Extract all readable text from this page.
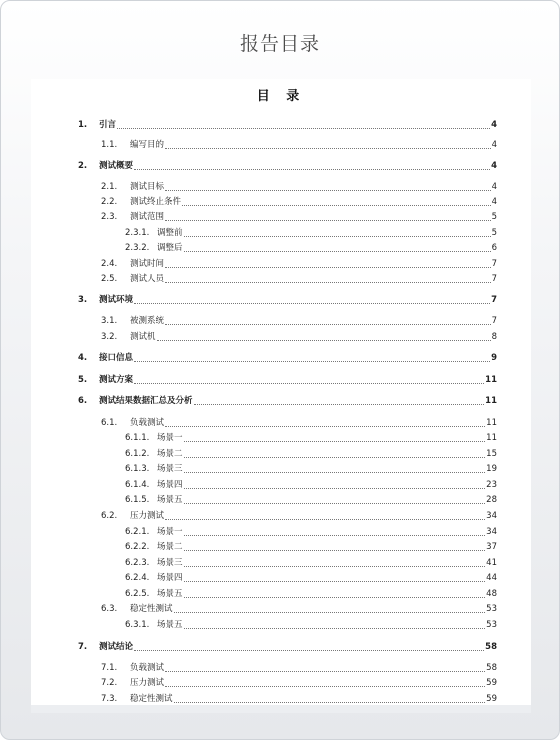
报告目录
目 录
1.	引言	4
1.1.	编写目的	4
2.	测试概要	4
2.1.	测试目标	4
2.2.	测试终止条件	4
2.3.	测试范围	5
2.3.1. 调整前	5
2.3.2. 调整后	6
2.4.	测试时间	7
2.5.	测试人员	7
3.	测试环境	7
3.1.	被测系统	7
3.2.	测试机	8
4.	接口信息	9
5.	测试方案	11
6.	测试结果数据汇总及分析	11
6.1.	负载测试	11
6.1.1. 场景一	11
6.1.2. 场景二	15
6.1.3. 场景三	19
6.1.4. 场景四	23
6.1.5. 场景五	28
6.2.	压力测试	34
6.2.1. 场景一	34
6.2.2. 场景二	37
6.2.3. 场景三	41
6.2.4. 场景四	44
6.2.5. 场景五	48
6.3.	稳定性测试	53
6.3.1. 场景五	53
7.	测试结论	58
7.1.	负载测试	58
7.2.	压力测试	59
7.3.	稳定性测试	59
